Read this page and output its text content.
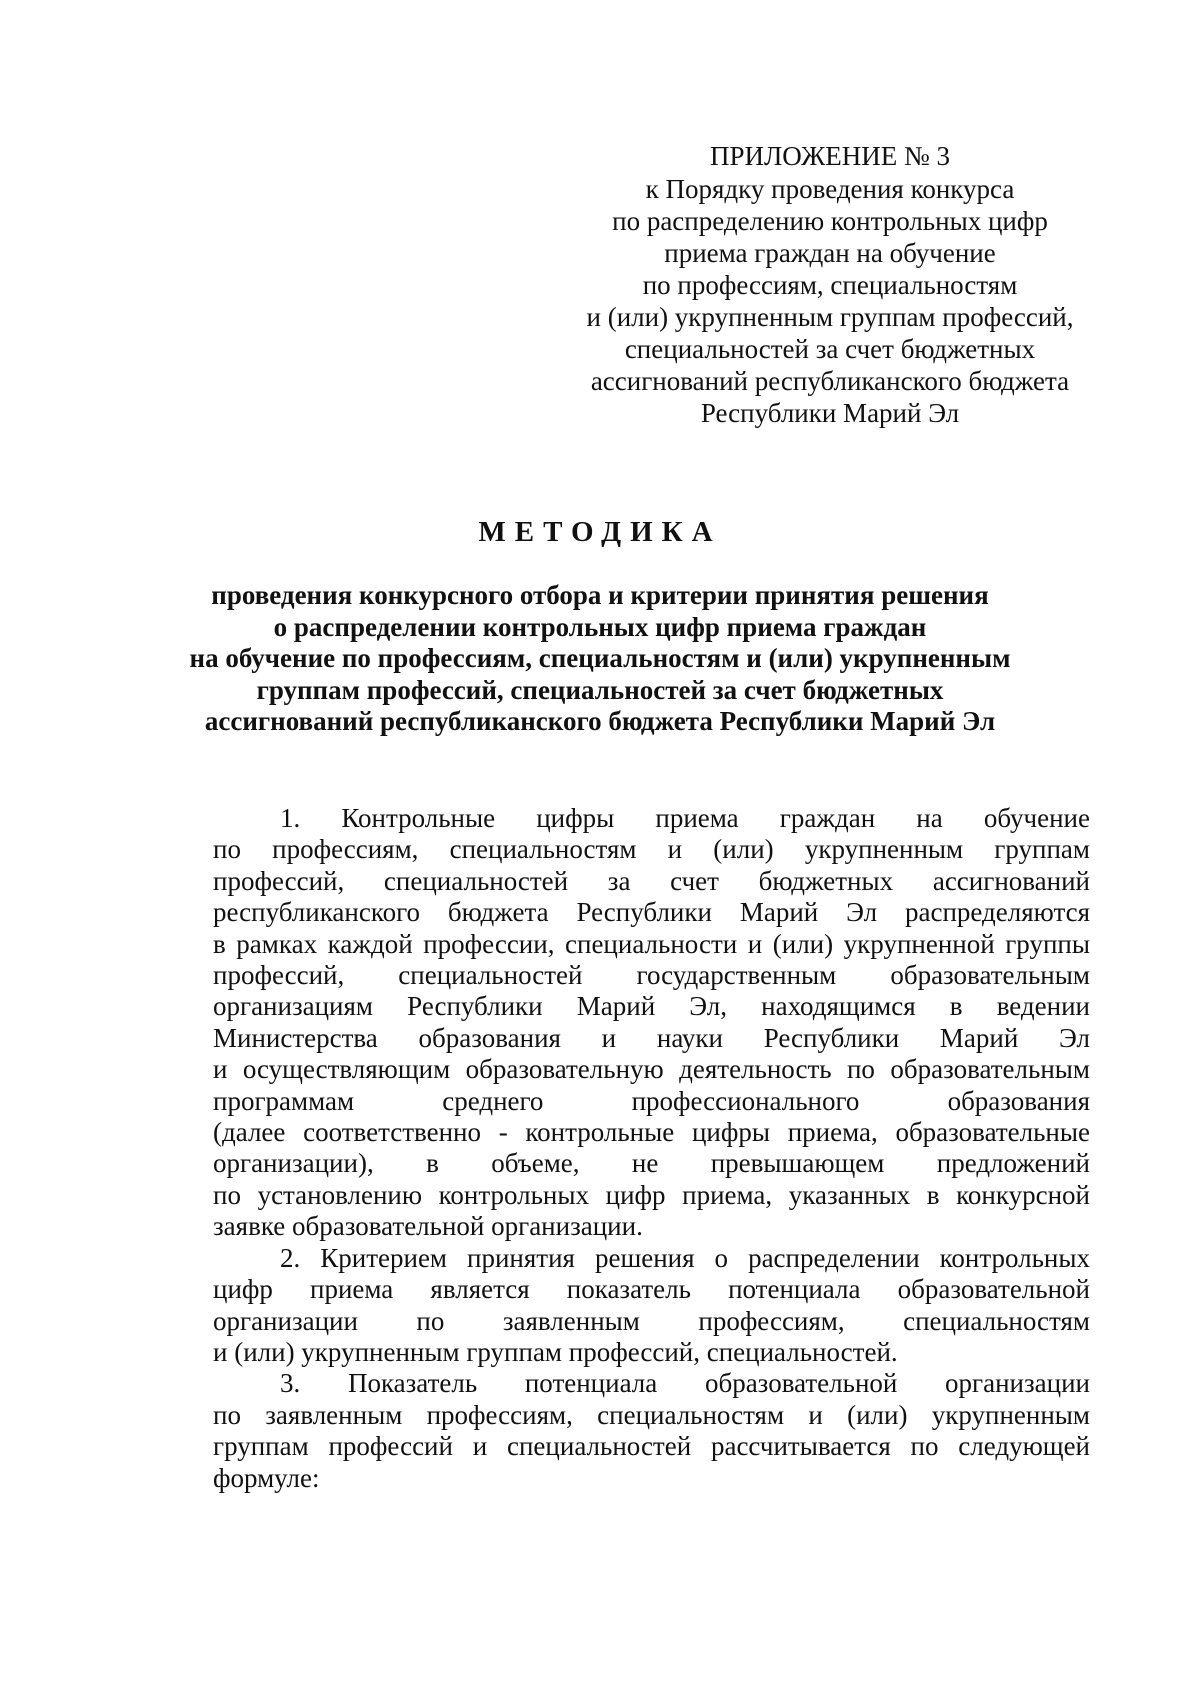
ПРИЛОЖЕНИЕ № 3
к Порядку проведения конкурса
по распределению контрольных цифр
приема граждан на обучение
по профессиям, специальностям
и (или) укрупненным группам профессий,
специальностей за счет бюджетных
ассигнований республиканского бюджета
Республики Марий Эл
МЕТОДИКА
проведения конкурсного отбора и критерии принятия решения
о распределении контрольных цифр приема граждан
на обучение по профессиям, специальностям и (или) укрупненным
группам профессий, специальностей за счет бюджетных
ассигнований республиканского бюджета Республики Марий Эл
1. Контрольные цифры приема граждан на обучение
по профессиям, специальностям и (или) укрупненным группам
профессий, специальностей за счет бюджетных ассигнований
республиканского бюджета Республики Марий Эл распределяются
в рамках каждой профессии, специальности и (или) укрупненной группы
профессий, специальностей государственным образовательным
организациям Республики Марий Эл, находящимся в ведении
Министерства образования и науки Республики Марий Эл
и осуществляющим образовательную деятельность по образовательным
программам среднего профессионального образования
(далее соответственно - контрольные цифры приема, образовательные
организации), в объеме, не превышающем предложений
по установлению контрольных цифр приема, указанных в конкурсной
заявке образовательной организации.
2. Критерием принятия решения о распределении контрольных
цифр приема является показатель потенциала образовательной
организации по заявленным профессиям, специальностям
и (или) укрупненным группам профессий, специальностей.
3. Показатель потенциала образовательной организации
по заявленным профессиям, специальностям и (или) укрупненным
группам профессий и специальностей рассчитывается по следующей
формуле:
